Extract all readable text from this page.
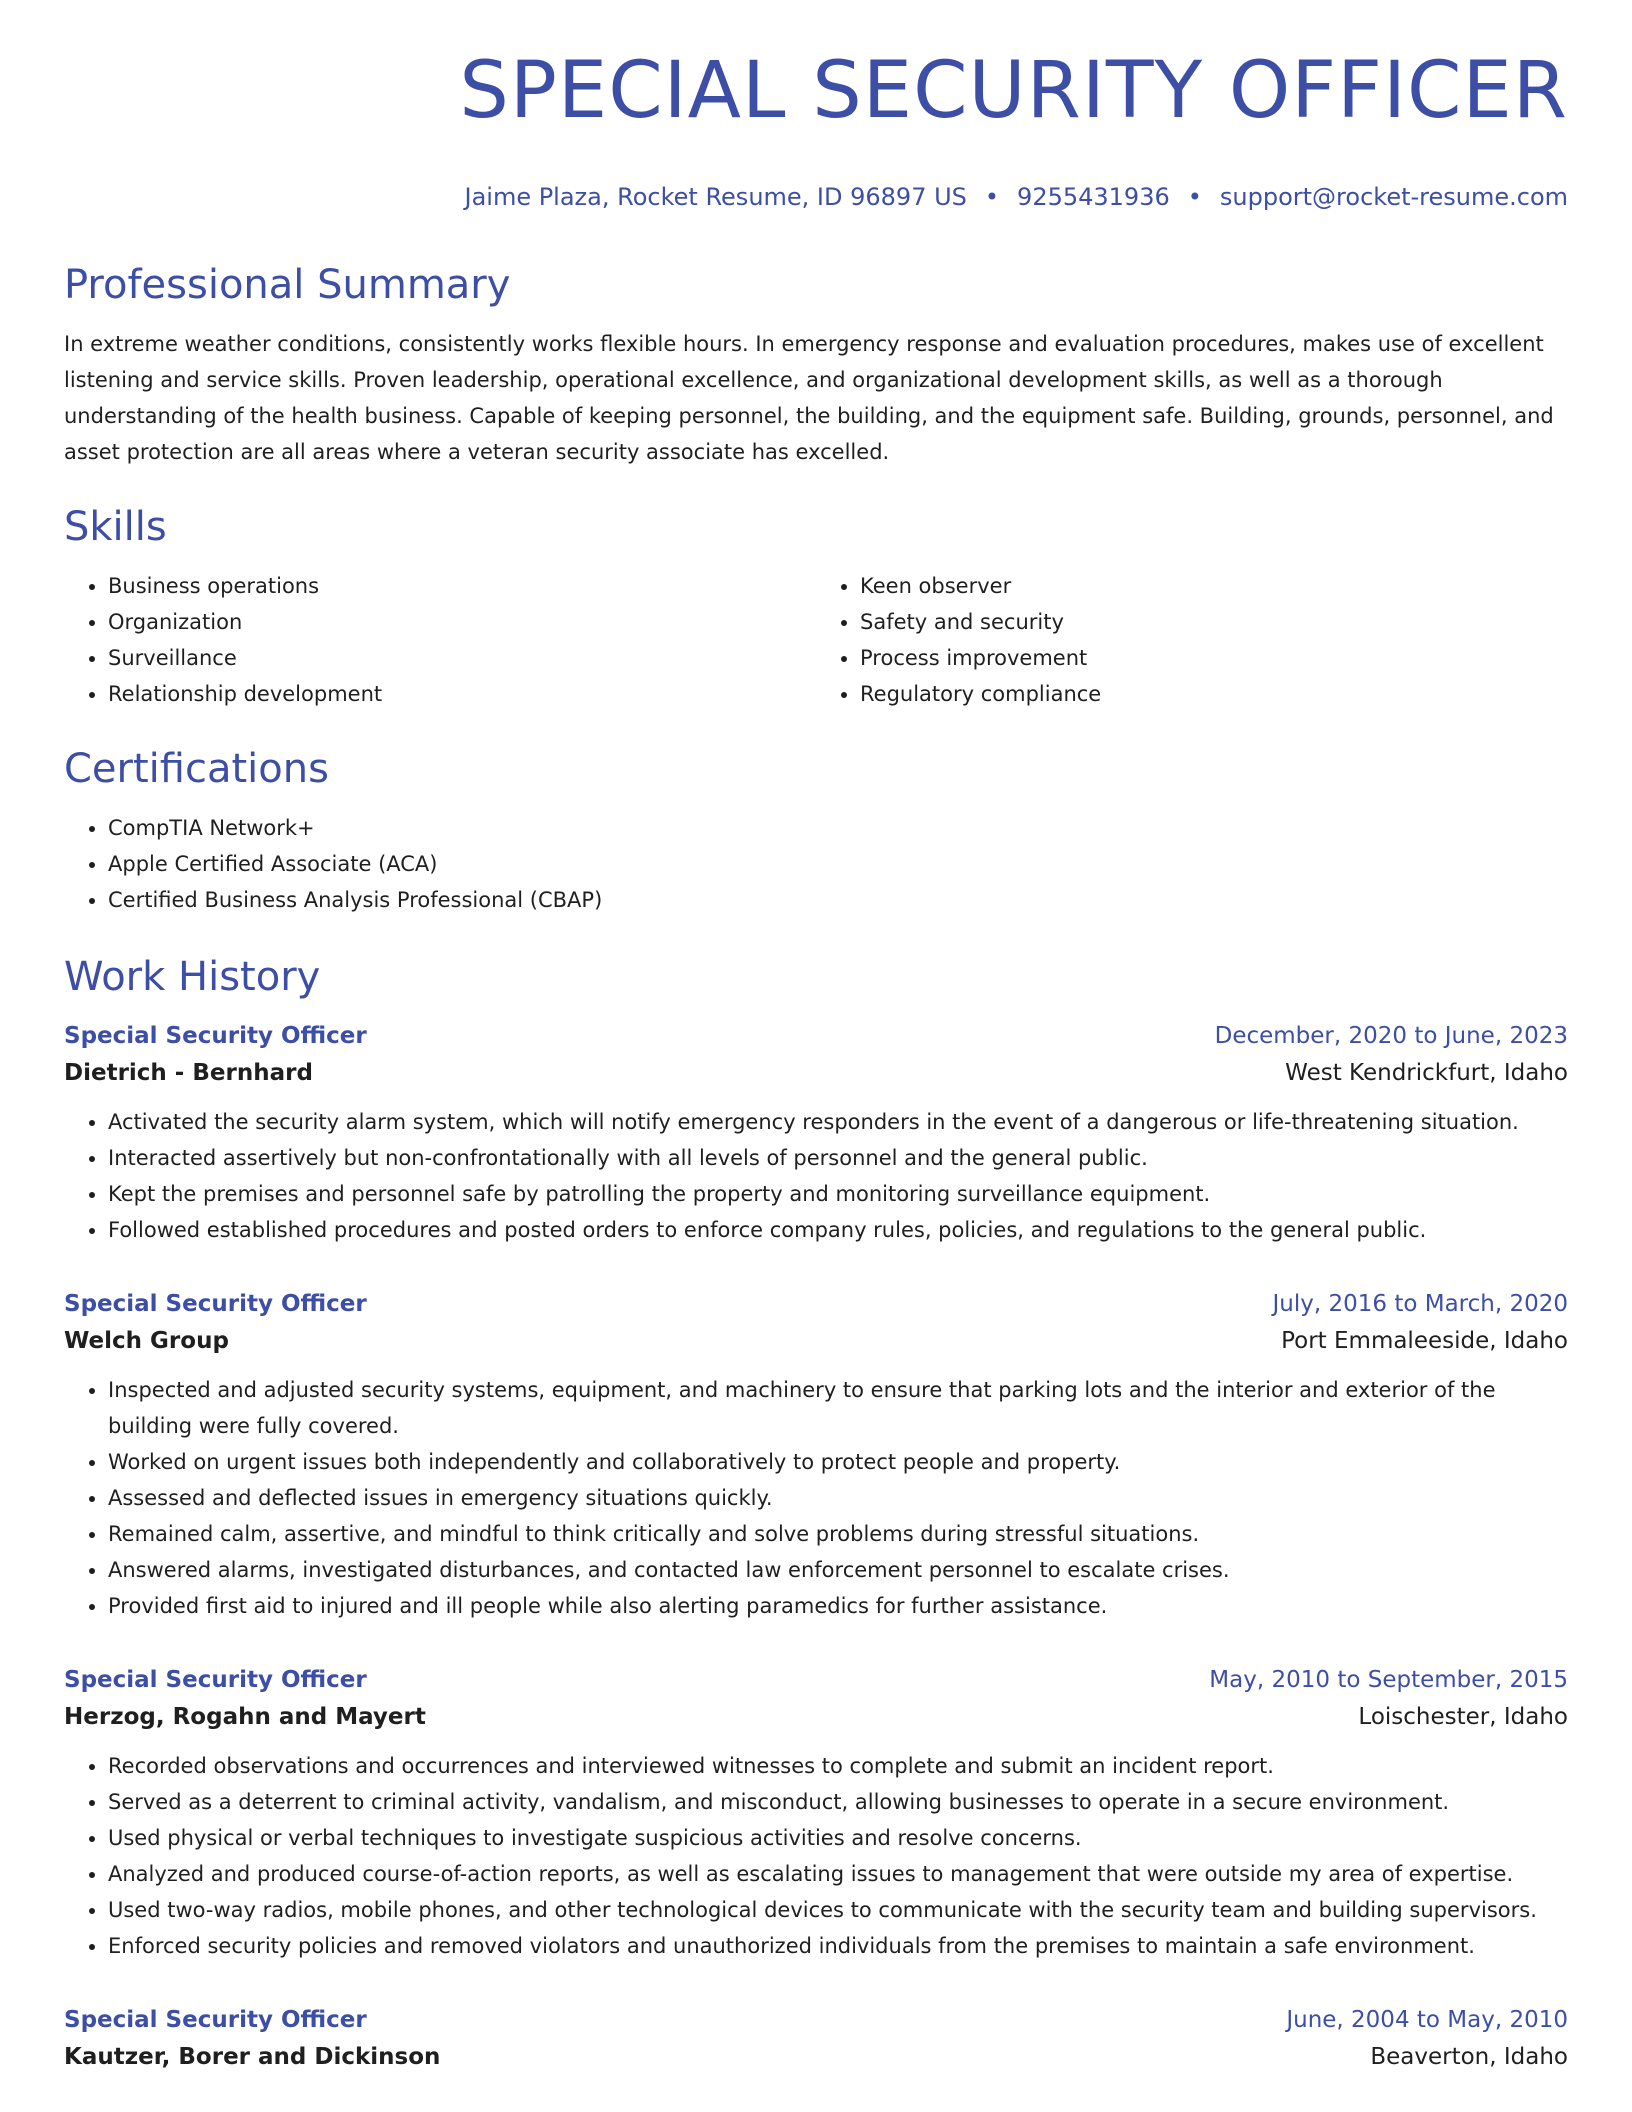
SPECIAL SECURITY OFFICER
Jaime Plaza, Rocket Resume, ID 96897 US • 9255431936 • support@rocket-resume.com
Professional Summary

In extreme weather conditions, consistently works flexible hours. In emergency response and evaluation procedures, makes use of excellent listening and service skills. Proven leadership, operational excellence, and organizational development skills, as well as a thorough understanding of the health business. Capable of keeping personnel, the building, and the equipment safe. Building, grounds, personnel, and asset protection are all areas where a veteran security associate has excelled.

Skills
• Business operations
• Organization
• Surveillance
• Relationship development
• Keen observer
• Safety and security
• Process improvement
• Regulatory compliance
Certifications
• CompTIA Network+
• Apple Certified Associate (ACA)
• Certified Business Analysis Professional (CBAP)
Work History
Special Security Officer	December, 2020 to June, 2023
Dietrich - Bernhard	West Kendrickfurt, Idaho
• Activated the security alarm system, which will notify emergency responders in the event of a dangerous or life-threatening situation.
• Interacted assertively but non-confrontationally with all levels of personnel and the general public.
• Kept the premises and personnel safe by patrolling the property and monitoring surveillance equipment.
• Followed established procedures and posted orders to enforce company rules, policies, and regulations to the general public.
Special Security Officer	July, 2016 to March, 2020
Welch Group	Port Emmaleeside, Idaho
• Inspected and adjusted security systems, equipment, and machinery to ensure that parking lots and the interior and exterior of the building were fully covered.
• Worked on urgent issues both independently and collaboratively to protect people and property.
• Assessed and deflected issues in emergency situations quickly.
• Remained calm, assertive, and mindful to think critically and solve problems during stressful situations.
• Answered alarms, investigated disturbances, and contacted law enforcement personnel to escalate crises.
• Provided first aid to injured and ill people while also alerting paramedics for further assistance.
Special Security Officer	May, 2010 to September, 2015
Herzog, Rogahn and Mayert	Loischester, Idaho
• Recorded observations and occurrences and interviewed witnesses to complete and submit an incident report.
• Served as a deterrent to criminal activity, vandalism, and misconduct, allowing businesses to operate in a secure environment.
• Used physical or verbal techniques to investigate suspicious activities and resolve concerns.
• Analyzed and produced course-of-action reports, as well as escalating issues to management that were outside my area of expertise.
• Used two-way radios, mobile phones, and other technological devices to communicate with the security team and building supervisors.
• Enforced security policies and removed violators and unauthorized individuals from the premises to maintain a safe environment.
Special Security Officer	June, 2004 to May, 2010
Kautzer, Borer and Dickinson	Beaverton, Idaho
